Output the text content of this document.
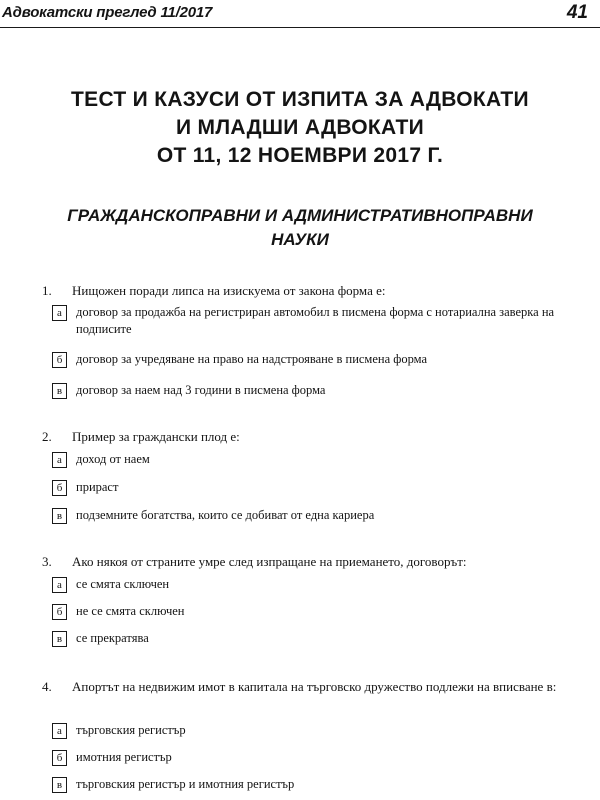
Адвокатски преглед 11/2017	41
ТЕСТ И КАЗУСИ ОТ ИЗПИТА ЗА АДВОКАТИ
И МЛАДШИ АДВОКАТИ
ОТ 11, 12 НОЕМВРИ 2017 Г.
ГРАЖДАНСКОПРАВНИ И АДМИНИСТРАТИВНОПРАВНИ
НАУКИ
1. Нищожен поради липса на изискуема от закона форма е:
а	договор за продажба на регистриран автомобил в писмена форма с нотариална заверка на подписите
б	договор за учредяване на право на надстрояване в писмена форма
в	договор за наем над 3 години в писмена форма
2. Пример за граждански плод е:
а	доход от наем
б	прираст
в	подземните богатства, които се добиват от една кариера
3. Ако някоя от страните умре след изпращане на приемането, договорът:
а	се смята сключен
б	не се смята сключен
в	се прекратява
4. Апортът на недвижим имот в капитала на търговско дружество подлежи на вписване в:
а	търговския регистър
б	имотния регистър
в	търговския регистър и имотния регистър
